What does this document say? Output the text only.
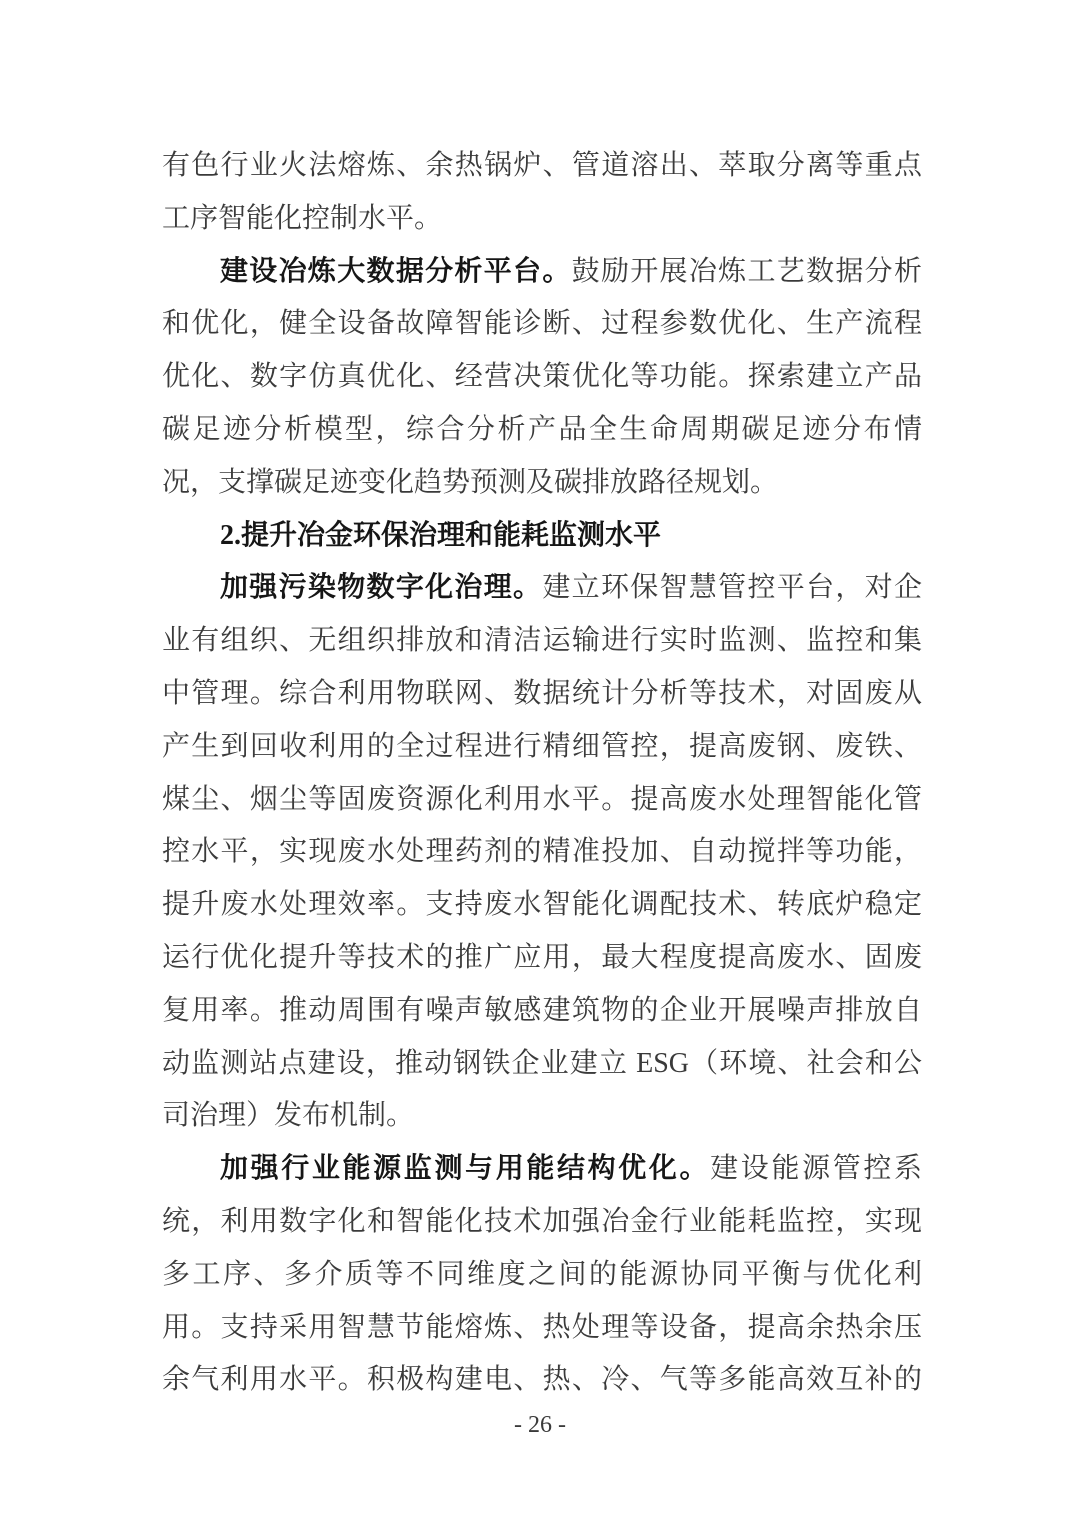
有色行业火法熔炼、余热锅炉、管道溶出、萃取分离等重点
工序智能化控制水平。
建设冶炼大数据分析平台。鼓励开展冶炼工艺数据分析
和优化，健全设备故障智能诊断、过程参数优化、生产流程
优化、数字仿真优化、经营决策优化等功能。探索建立产品
碳足迹分析模型，综合分析产品全生命周期碳足迹分布情
况，支撑碳足迹变化趋势预测及碳排放路径规划。
2.提升冶金环保治理和能耗监测水平
加强污染物数字化治理。建立环保智慧管控平台，对企
业有组织、无组织排放和清洁运输进行实时监测、监控和集
中管理。综合利用物联网、数据统计分析等技术，对固废从
产生到回收利用的全过程进行精细管控，提高废钢、废铁、
煤尘、烟尘等固废资源化利用水平。提高废水处理智能化管
控水平，实现废水处理药剂的精准投加、自动搅拌等功能，
提升废水处理效率。支持废水智能化调配技术、转底炉稳定
运行优化提升等技术的推广应用，最大程度提高废水、固废
复用率。推动周围有噪声敏感建筑物的企业开展噪声排放自
动监测站点建设，推动钢铁企业建立 ESG（环境、社会和公
司治理）发布机制。
加强行业能源监测与用能结构优化。建设能源管控系
统，利用数字化和智能化技术加强冶金行业能耗监控，实现
多工序、多介质等不同维度之间的能源协同平衡与优化利
用。支持采用智慧节能熔炼、热处理等设备，提高余热余压
余气利用水平。积极构建电、热、冷、气等多能高效互补的
- 26 -
